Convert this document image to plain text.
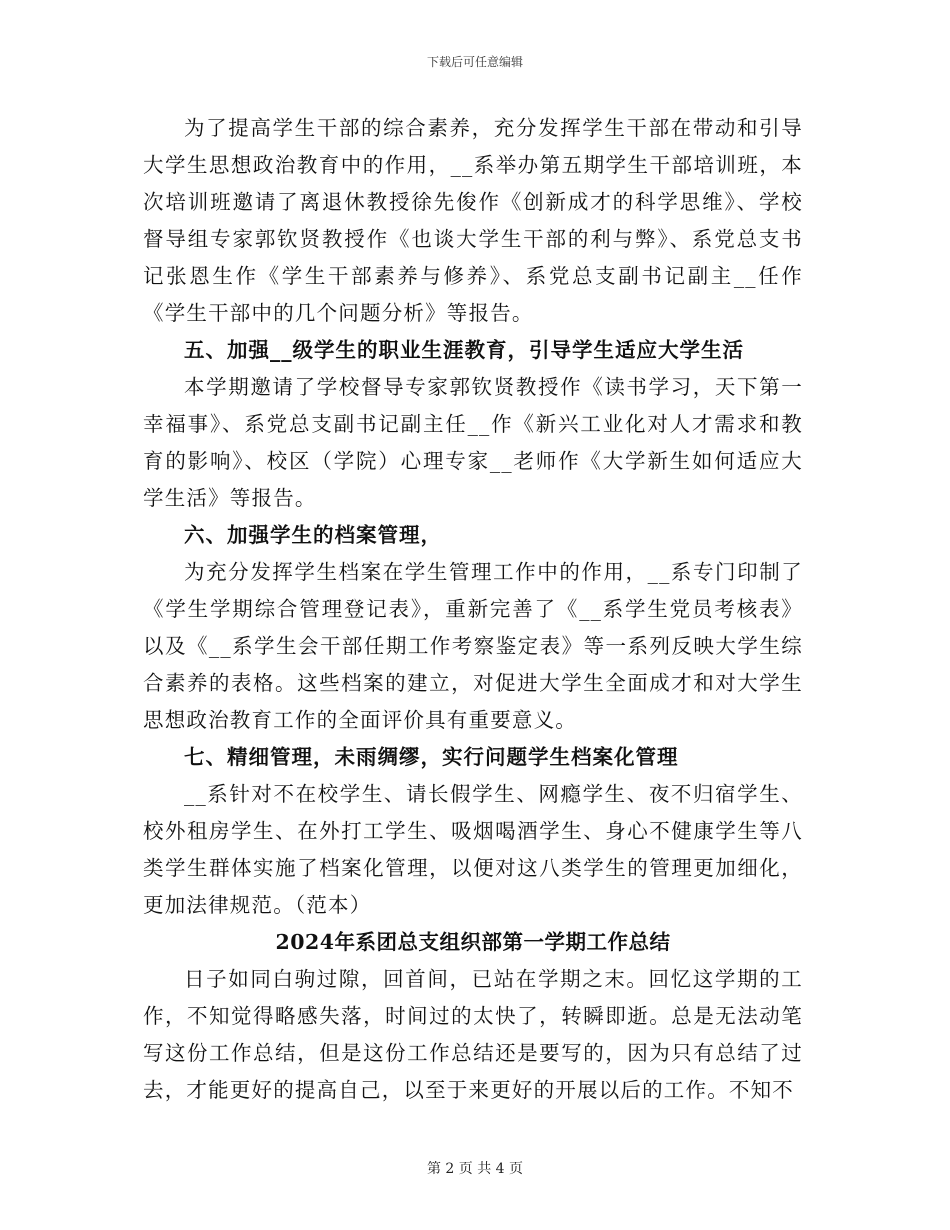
下载后可任意编辑

为了提高学生干部的综合素养，充分发挥学生干部在带动和引导大学生思想政治教育中的作用，__系举办第五期学生干部培训班，本次培训班邀请了离退休教授徐先俊作《创新成才的科学思维》、学校督导组专家郭钦贤教授作《也谈大学生干部的利与弊》、系党总支书记张恩生作《学生干部素养与修养》、系党总支副书记副主__任作《学生干部中的几个问题分析》等报告。

五、加强__级学生的职业生涯教育，引导学生适应大学生活

本学期邀请了学校督导专家郭钦贤教授作《读书学习，天下第一幸福事》、系党总支副书记副主任__作《新兴工业化对人才需求和教育的影响》、校区（学院）心理专家__老师作《大学新生如何适应大学生活》等报告。

六、加强学生的档案管理，

为充分发挥学生档案在学生管理工作中的作用，__系专门印制了《学生学期综合管理登记表》，重新完善了《__系学生党员考核表》以及《__系学生会干部任期工作考察鉴定表》等一系列反映大学生综合素养的表格。这些档案的建立，对促进大学生全面成才和对大学生思想政治教育工作的全面评价具有重要意义。

七、精细管理，未雨绸缪，实行问题学生档案化管理

__系针对不在校学生、请长假学生、网瘾学生、夜不归宿学生、校外租房学生、在外打工学生、吸烟喝酒学生、身心不健康学生等八类学生群体实施了档案化管理，以便对这八类学生的管理更加细化，更加法律规范。（范本）

2024年系团总支组织部第一学期工作总结

日子如同白驹过隙，回首间，已站在学期之末。回忆这学期的工作，不知觉得略感失落，时间过的太快了，转瞬即逝。总是无法动笔写这份工作总结，但是这份工作总结还是要写的，因为只有总结了过去，才能更好的提高自己，以至于来更好的开展以后的工作。不知不

第 2 页 共 4 页
